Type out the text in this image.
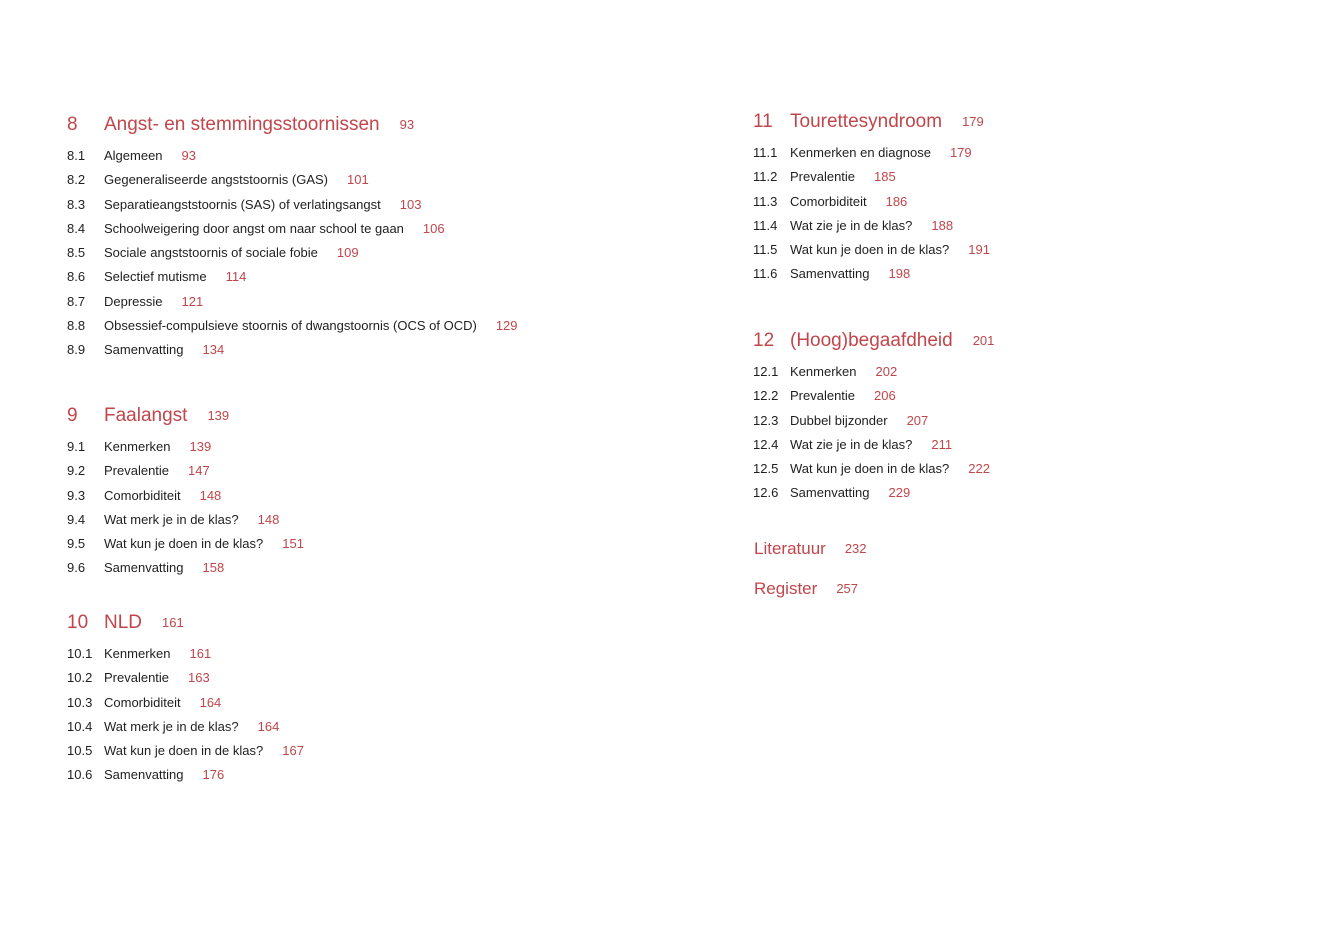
8 Angst- en stemmingsstoornissen 93
8.1 Algemeen 93
8.2 Gegeneraliseerde angststoornis (GAS) 101
8.3 Separatieangststoornis (SAS) of verlatingsangst 103
8.4 Schoolweigering door angst om naar school te gaan 106
8.5 Sociale angststoornis of sociale fobie 109
8.6 Selectief mutisme 114
8.7 Depressie 121
8.8 Obsessief-compulsieve stoornis of dwangstoornis (OCS of OCD) 129
8.9 Samenvatting 134
9 Faalangst 139
9.1 Kenmerken 139
9.2 Prevalentie 147
9.3 Comorbiditeit 148
9.4 Wat merk je in de klas? 148
9.5 Wat kun je doen in de klas? 151
9.6 Samenvatting 158
10 NLD 161
10.1 Kenmerken 161
10.2 Prevalentie 163
10.3 Comorbiditeit 164
10.4 Wat merk je in de klas? 164
10.5 Wat kun je doen in de klas? 167
10.6 Samenvatting 176
11 Tourettesyndroom 179
11.1 Kenmerken en diagnose 179
11.2 Prevalentie 185
11.3 Comorbiditeit 186
11.4 Wat zie je in de klas? 188
11.5 Wat kun je doen in de klas? 191
11.6 Samenvatting 198
12 (Hoog)begaafdheid 201
12.1 Kenmerken 202
12.2 Prevalentie 206
12.3 Dubbel bijzonder 207
12.4 Wat zie je in de klas? 211
12.5 Wat kun je doen in de klas? 222
12.6 Samenvatting 229
Literatuur 232
Register 257
